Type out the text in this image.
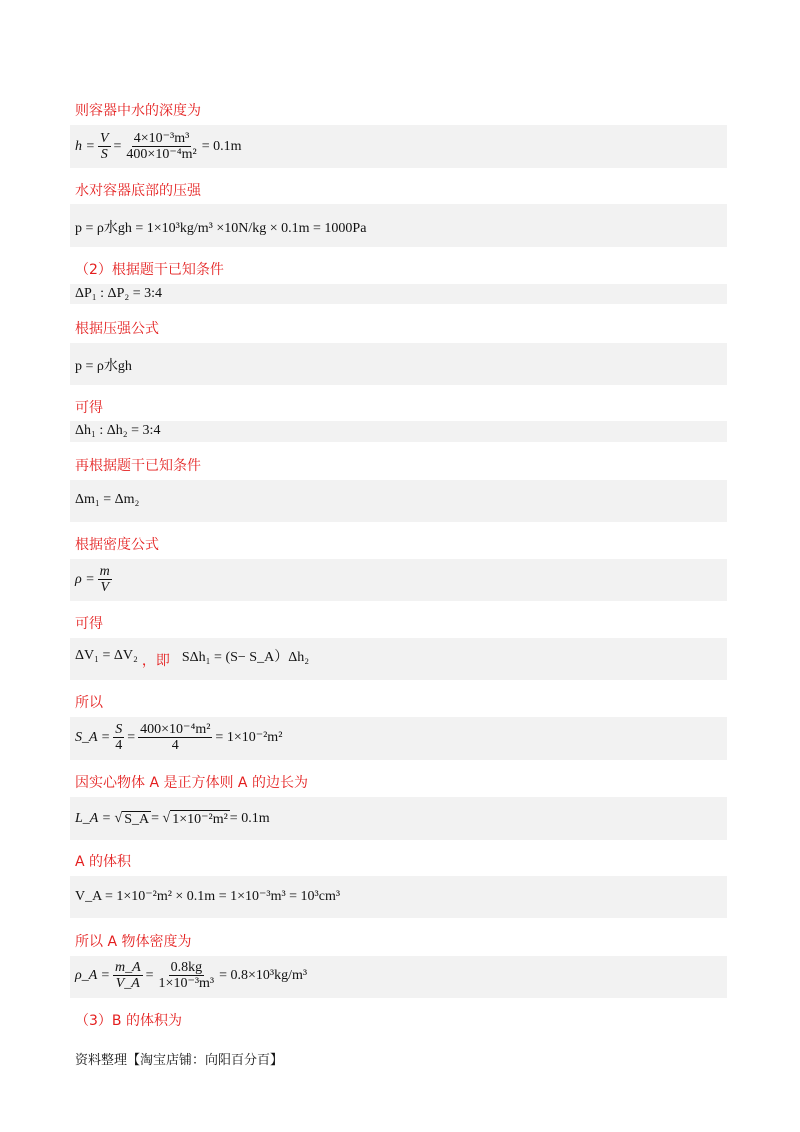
则容器中水的深度为
$h = \frac{V}{S} = \frac{\text{4×10⁻³m³}}{\text{400×10⁻⁴m²}} = 0.1m$
水对容器底部的压强
p = ρ水gh = 1×10³kg/m³ ×10N/kg × 0.1m = 1000Pa
（2）根据题干已知条件
ΔP₁ : ΔP₂ = 3:4
根据压强公式
p = ρ水gh
可得
Δh₁ : Δh₂ = 3:4
再根据题干已知条件
Δm₁ = Δm₂
根据密度公式
$\rho = \frac{m}{V}$
可得
ΔV₁ = ΔV₂ ，即 SΔh₁ = (S− S_A）Δh₂
所以
S_A = $\frac{S}{4} = \frac{\text{400×10⁻⁴m²}}{4} = 1\times 10^{-2}m^2$
因实心物体 A 是正方体则 A 的边长为
L_A = √ S_A = √ 1×10⁻²m² = 0.1m
A 的体积
V_A = 1×10⁻²m² × 0.1m = 1×10⁻³m³ = 10³cm³
所以 A 物体密度为
ρ_A = $\frac{m\_A}{V\_A} = \frac{0.8kg}{\text{1×10⁻³m³}} = 0.8\times 10^3kg/m^3$
（3）B 的体积为
资料整理【淘宝店铺：向阳百分百】
